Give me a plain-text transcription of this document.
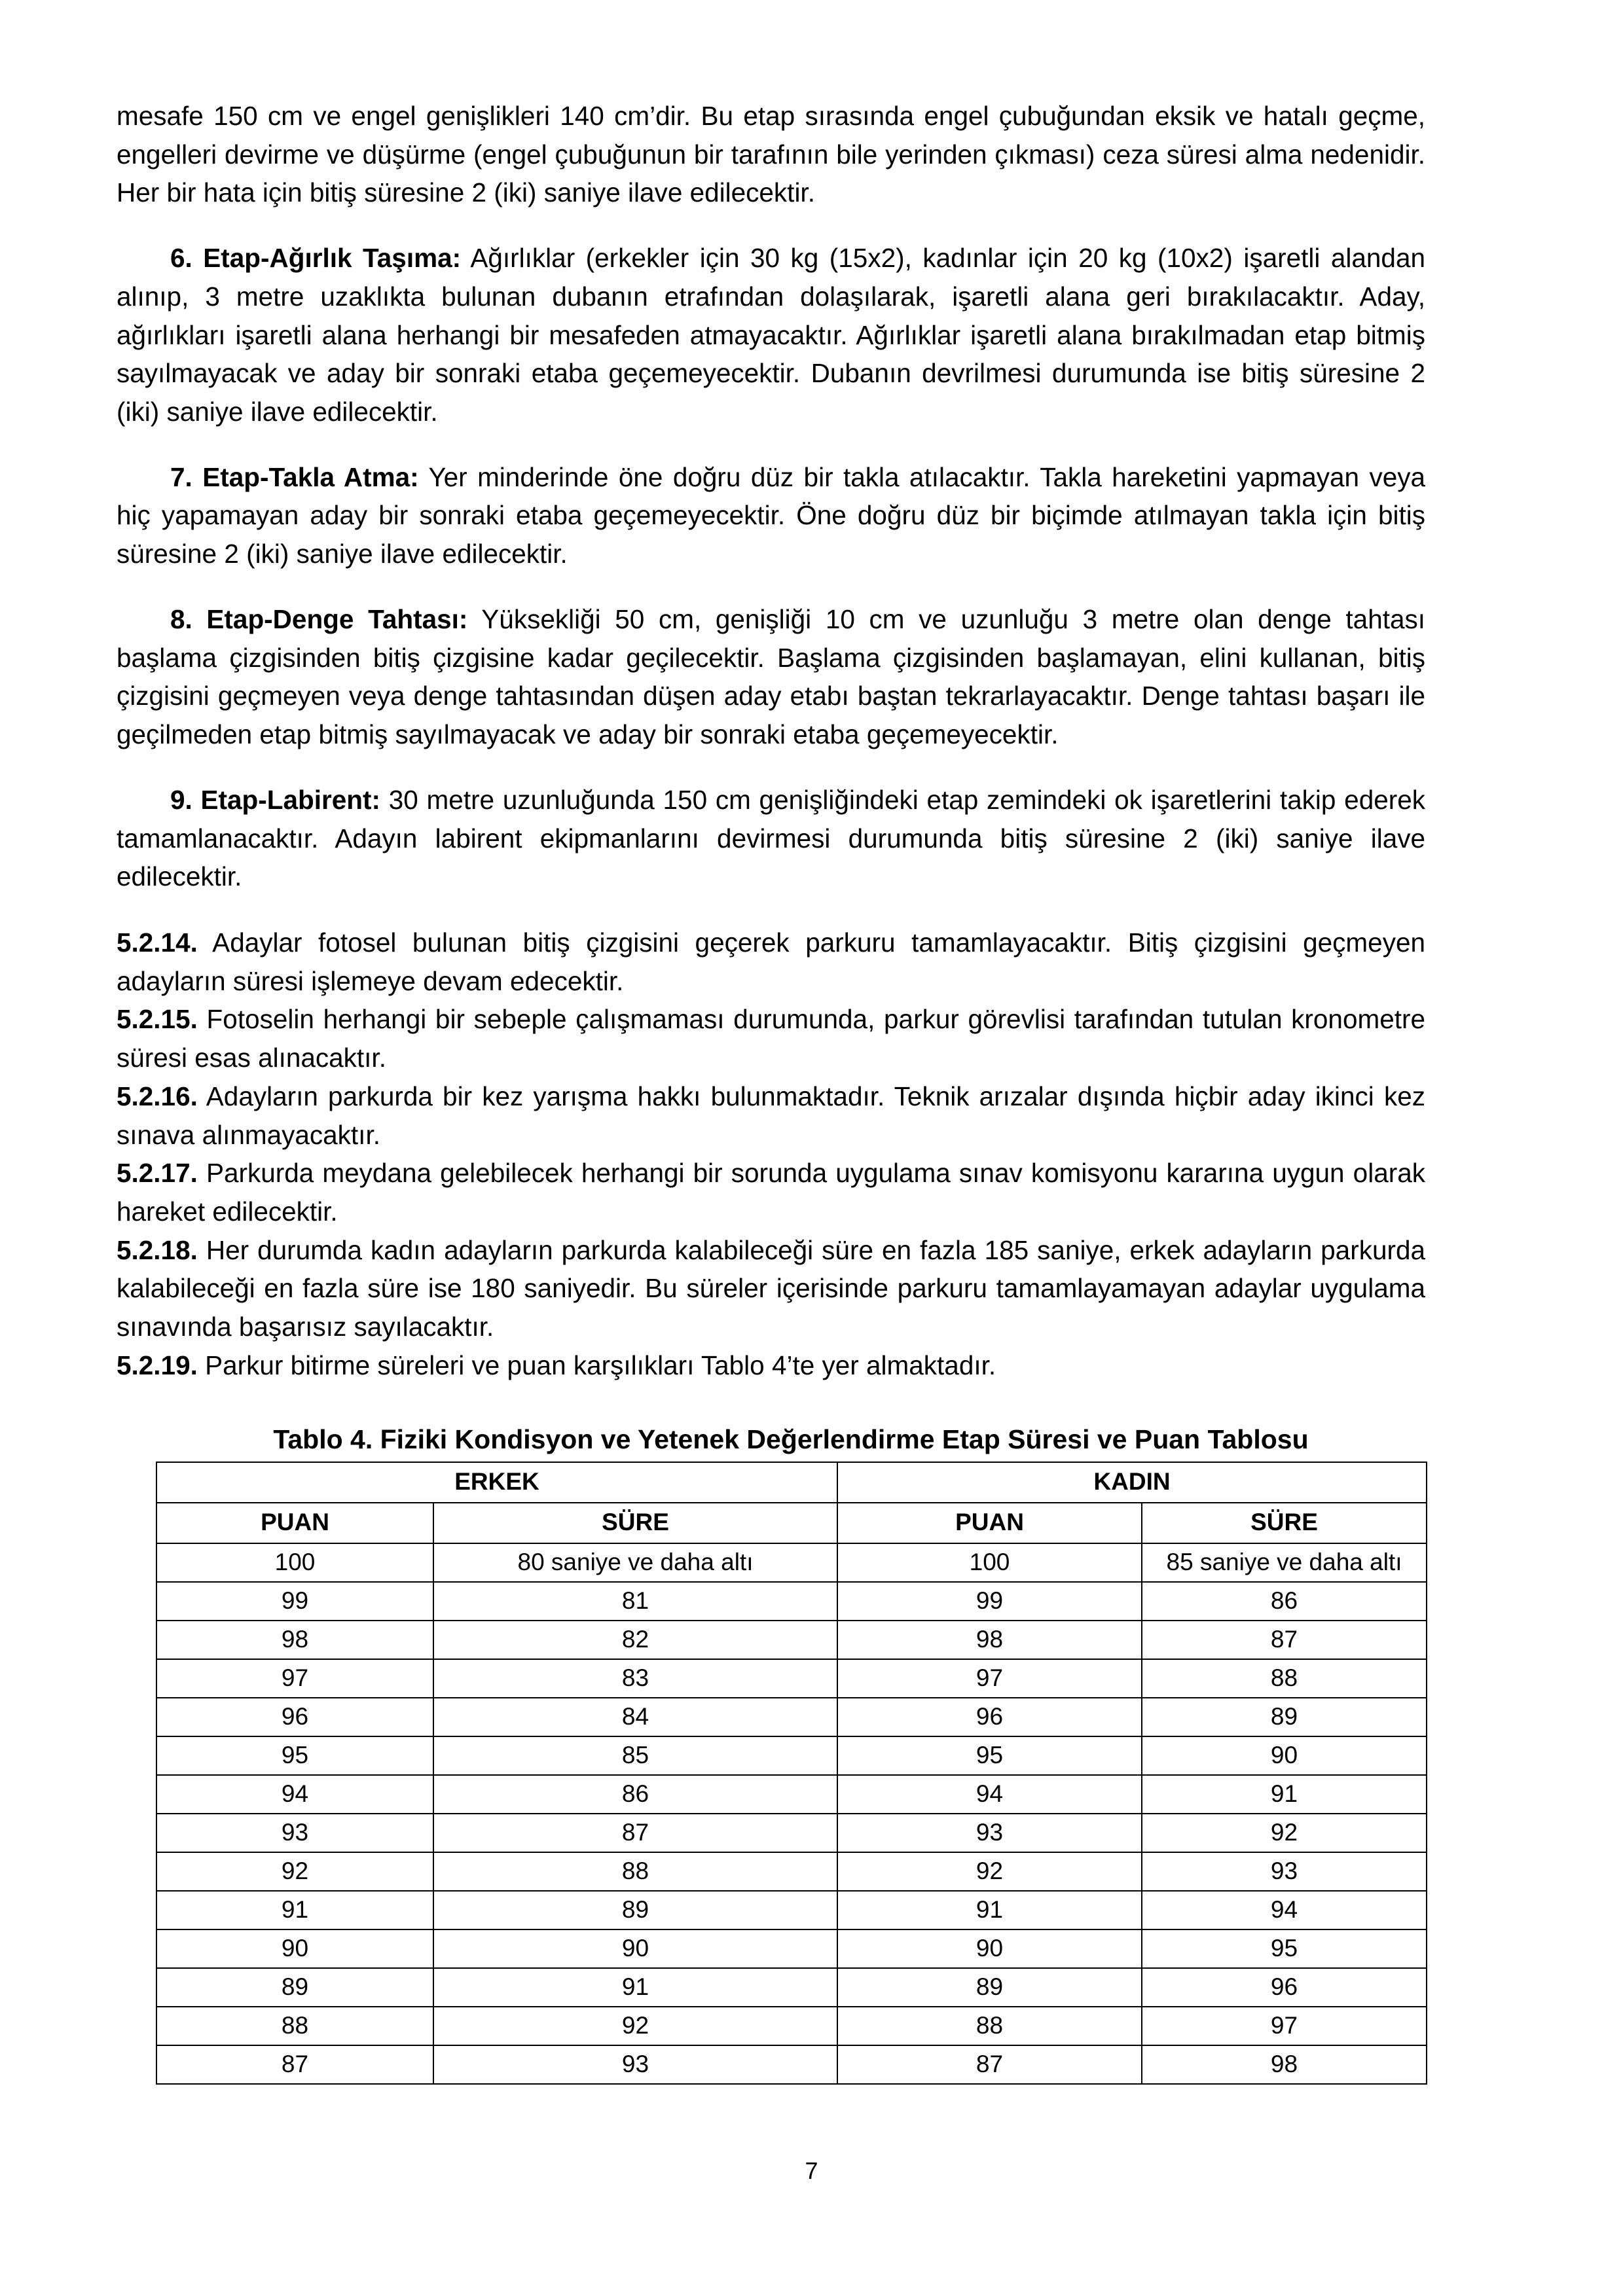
mesafe 150 cm ve engel genişlikleri 140 cm’dir. Bu etap sırasında engel çubuğundan eksik ve hatalı geçme, engelleri devirme ve düşürme (engel çubuğunun bir tarafının bile yerinden çıkması) ceza süresi alma nedenidir. Her bir hata için bitiş süresine 2 (iki) saniye ilave edilecektir.

6. Etap-Ağırlık Taşıma: Ağırlıklar (erkekler için 30 kg (15x2), kadınlar için 20 kg (10x2) işaretli alandan alınıp, 3 metre uzaklıkta bulunan dubanın etrafından dolaşılarak, işaretli alana geri bırakılacaktır. Aday, ağırlıkları işaretli alana herhangi bir mesafeden atmayacaktır. Ağırlıklar işaretli alana bırakılmadan etap bitmiş sayılmayacak ve aday bir sonraki etaba geçemeyecektir. Dubanın devrilmesi durumunda ise bitiş süresine 2 (iki) saniye ilave edilecektir.

7. Etap-Takla Atma: Yer minderinde öne doğru düz bir takla atılacaktır. Takla hareketini yapmayan veya hiç yapamayan aday bir sonraki etaba geçemeyecektir. Öne doğru düz bir biçimde atılmayan takla için bitiş süresine 2 (iki) saniye ilave edilecektir.

8. Etap-Denge Tahtası: Yüksekliği 50 cm, genişliği 10 cm ve uzunluğu 3 metre olan denge tahtası başlama çizgisinden bitiş çizgisine kadar geçilecektir. Başlama çizgisinden başlamayan, elini kullanan, bitiş çizgisini geçmeyen veya denge tahtasından düşen aday etabı baştan tekrarlayacaktır. Denge tahtası başarı ile geçilmeden etap bitmiş sayılmayacak ve aday bir sonraki etaba geçemeyecektir.

9. Etap-Labirent: 30 metre uzunluğunda 150 cm genişliğindeki etap zemindeki ok işaretlerini takip ederek tamamlanacaktır. Adayın labirent ekipmanlarını devirmesi durumunda bitiş süresine 2 (iki) saniye ilave edilecektir.

5.2.14. Adaylar fotosel bulunan bitiş çizgisini geçerek parkuru tamamlayacaktır. Bitiş çizgisini geçmeyen adayların süresi işlemeye devam edecektir.

5.2.15. Fotoselin herhangi bir sebeple çalışmaması durumunda, parkur görevlisi tarafından tutulan kronometre süresi esas alınacaktır.

5.2.16. Adayların parkurda bir kez yarışma hakkı bulunmaktadır. Teknik arızalar dışında hiçbir aday ikinci kez sınava alınmayacaktır.

5.2.17. Parkurda meydana gelebilecek herhangi bir sorunda uygulama sınav komisyonu kararına uygun olarak hareket edilecektir.

5.2.18. Her durumda kadın adayların parkurda kalabileceği süre en fazla 185 saniye, erkek adayların parkurda kalabileceği en fazla süre ise 180 saniyedir. Bu süreler içerisinde parkuru tamamlayamayan adaylar uygulama sınavında başarısız sayılacaktır.

5.2.19. Parkur bitirme süreleri ve puan karşılıkları Tablo 4’te yer almaktadır.

Tablo 4. Fiziki Kondisyon ve Yetenek Değerlendirme Etap Süresi ve Puan Tablosu
ERKEK		KADIN	
PUAN	SÜRE	PUAN	SÜRE
100	80 saniye ve daha altı	100	85 saniye ve daha altı
99	81	99	86
98	82	98	87
97	83	97	88
96	84	96	89
95	85	95	90
94	86	94	91
93	87	93	92
92	88	92	93
91	89	91	94
90	90	90	95
89	91	89	96
88	92	88	97
87	93	87	98
7
